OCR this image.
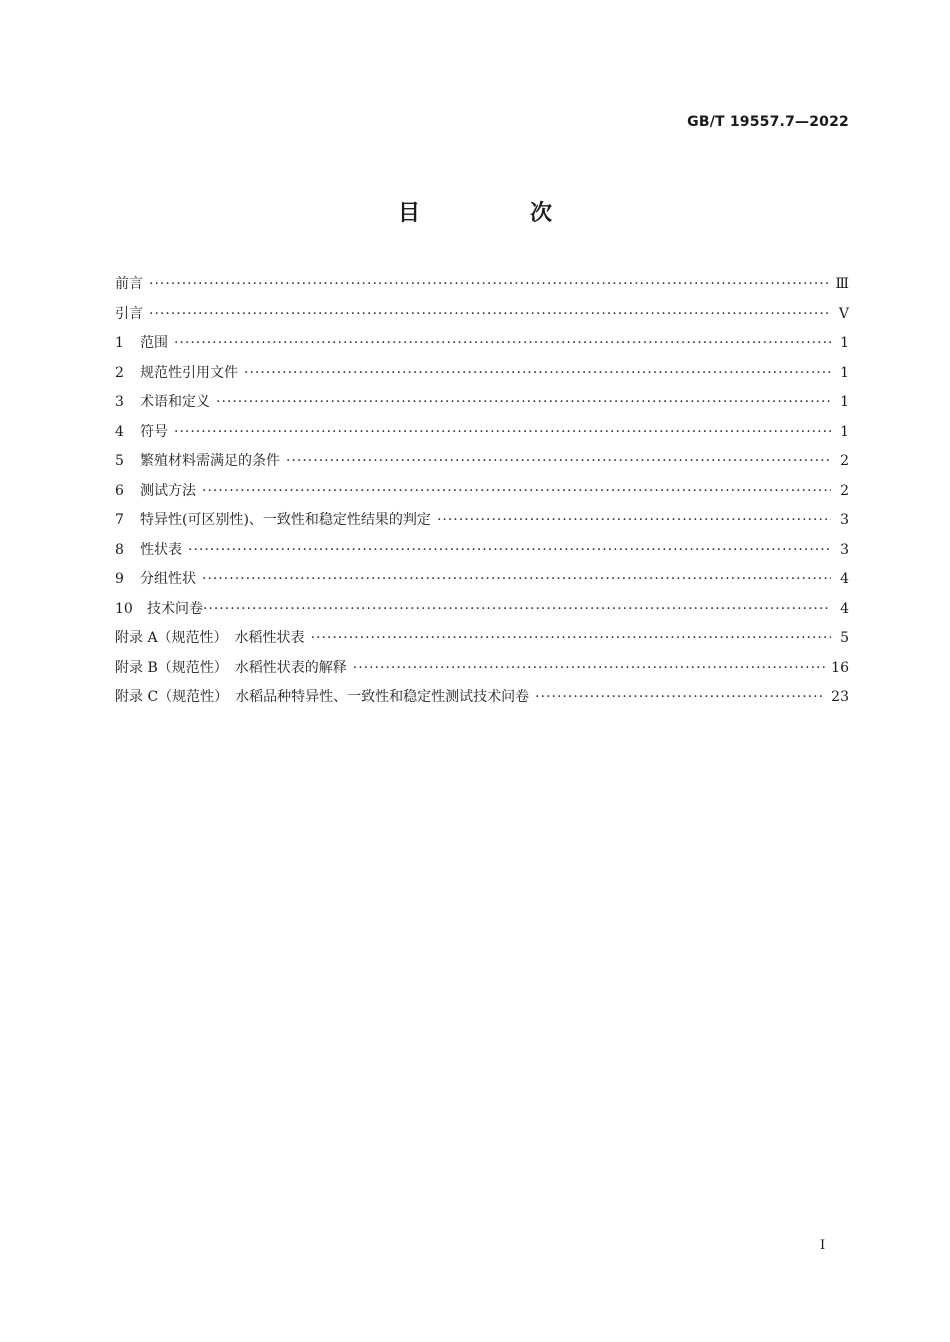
GB/T 19557.7—2022
目　次
前言 ·····	Ⅲ
引言 ·····	Ⅴ
1	范围 ·····	1
2	规范性引用文件 ·····	1
3	术语和定义 ·····	1
4	符号 ·····	1
5	繁殖材料需满足的条件 ·····	2
6	测试方法 ·····	2
7	特异性(可区别性)、一致性和稳定性结果的判定 ·····	3
8	性状表 ·····	3
9	分组性状 ·····	4
10	技术问卷 ·····	4
附录 A（规范性）　水稻性状表 ·····	5
附录 B（规范性）　水稻性状表的解释 ·····	16
附录 C（规范性）　水稻品种特异性、一致性和稳定性测试技术问卷 ·····	23
I
